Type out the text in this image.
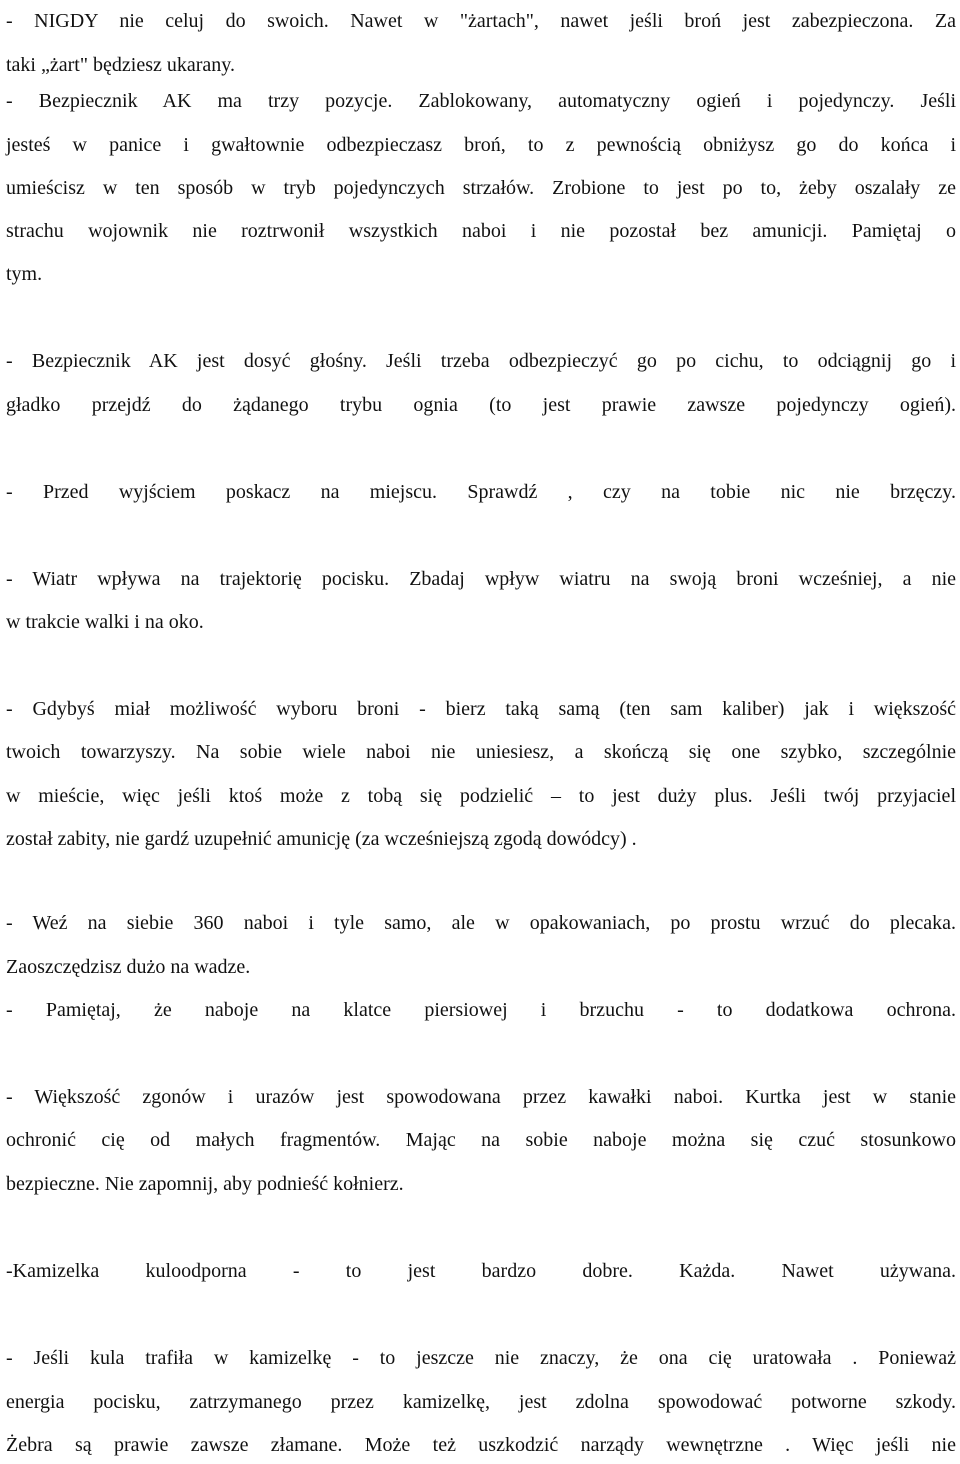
- NIGDY nie celuj do swoich. Nawet w "żartach", nawet jeśli broń jest zabezpieczona. Za
taki „żart" będziesz ukarany.
- Bezpiecznik AK ma trzy pozycje. Zablokowany, automatyczny ogień i pojedynczy. Jeśli
jesteś w panice i gwałtownie odbezpieczasz broń, to z pewnością obniżysz go do końca i
umieścisz w ten sposób w tryb pojedynczych strzałów. Zrobione to jest po to, żeby oszalały ze
strachu wojownik nie roztrwonił wszystkich naboi i nie pozostał bez amunicji. Pamiętaj o
tym.
- Bezpiecznik AK jest dosyć głośny. Jeśli trzeba odbezpieczyć go po cichu, to odciągnij go i
gładko przejdź do żądanego trybu ognia (to jest prawie zawsze pojedynczy ogień).
- Przed wyjściem poskacz na miejscu. Sprawdź , czy na tobie nic nie brzęczy.
- Wiatr wpływa na trajektorię pocisku. Zbadaj wpływ wiatru na swoją broni wcześniej, a nie
w trakcie walki i na oko.
- Gdybyś miał możliwość wyboru broni - bierz taką samą (ten sam kaliber) jak i większość
twoich towarzyszy. Na sobie wiele naboi nie uniesiesz, a skończą się one szybko, szczególnie
w mieście, więc jeśli ktoś może z tobą się podzielić – to jest duży plus. Jeśli twój przyjaciel
został zabity, nie gardź uzupełnić amunicję (za wcześniejszą zgodą dowódcy) .
- Weź na siebie 360 naboi i tyle samo, ale w opakowaniach, po prostu wrzuć do plecaka.
Zaoszczędzisz dużo na wadze.
- Pamiętaj, że naboje na klatce piersiowej i brzuchu - to dodatkowa ochrona.
- Większość zgonów i urazów jest spowodowana przez kawałki naboi. Kurtka jest w stanie
ochronić cię od małych fragmentów. Mając na sobie naboje można się czuć stosunkowo
bezpieczne. Nie zapomnij, aby podnieść kołnierz.
-Kamizelka kuloodporna - to jest bardzo dobre. Każda. Nawet używana.
- Jeśli kula trafiła w kamizelkę - to jeszcze nie znaczy, że ona cię uratowała . Ponieważ
energia pocisku, zatrzymanego przez kamizelkę, jest zdolna spowodować potworne szkody.
Żebra są prawie zawsze złamane. Może też uszkodzić narządy wewnętrzne . Więc jeśli nie
